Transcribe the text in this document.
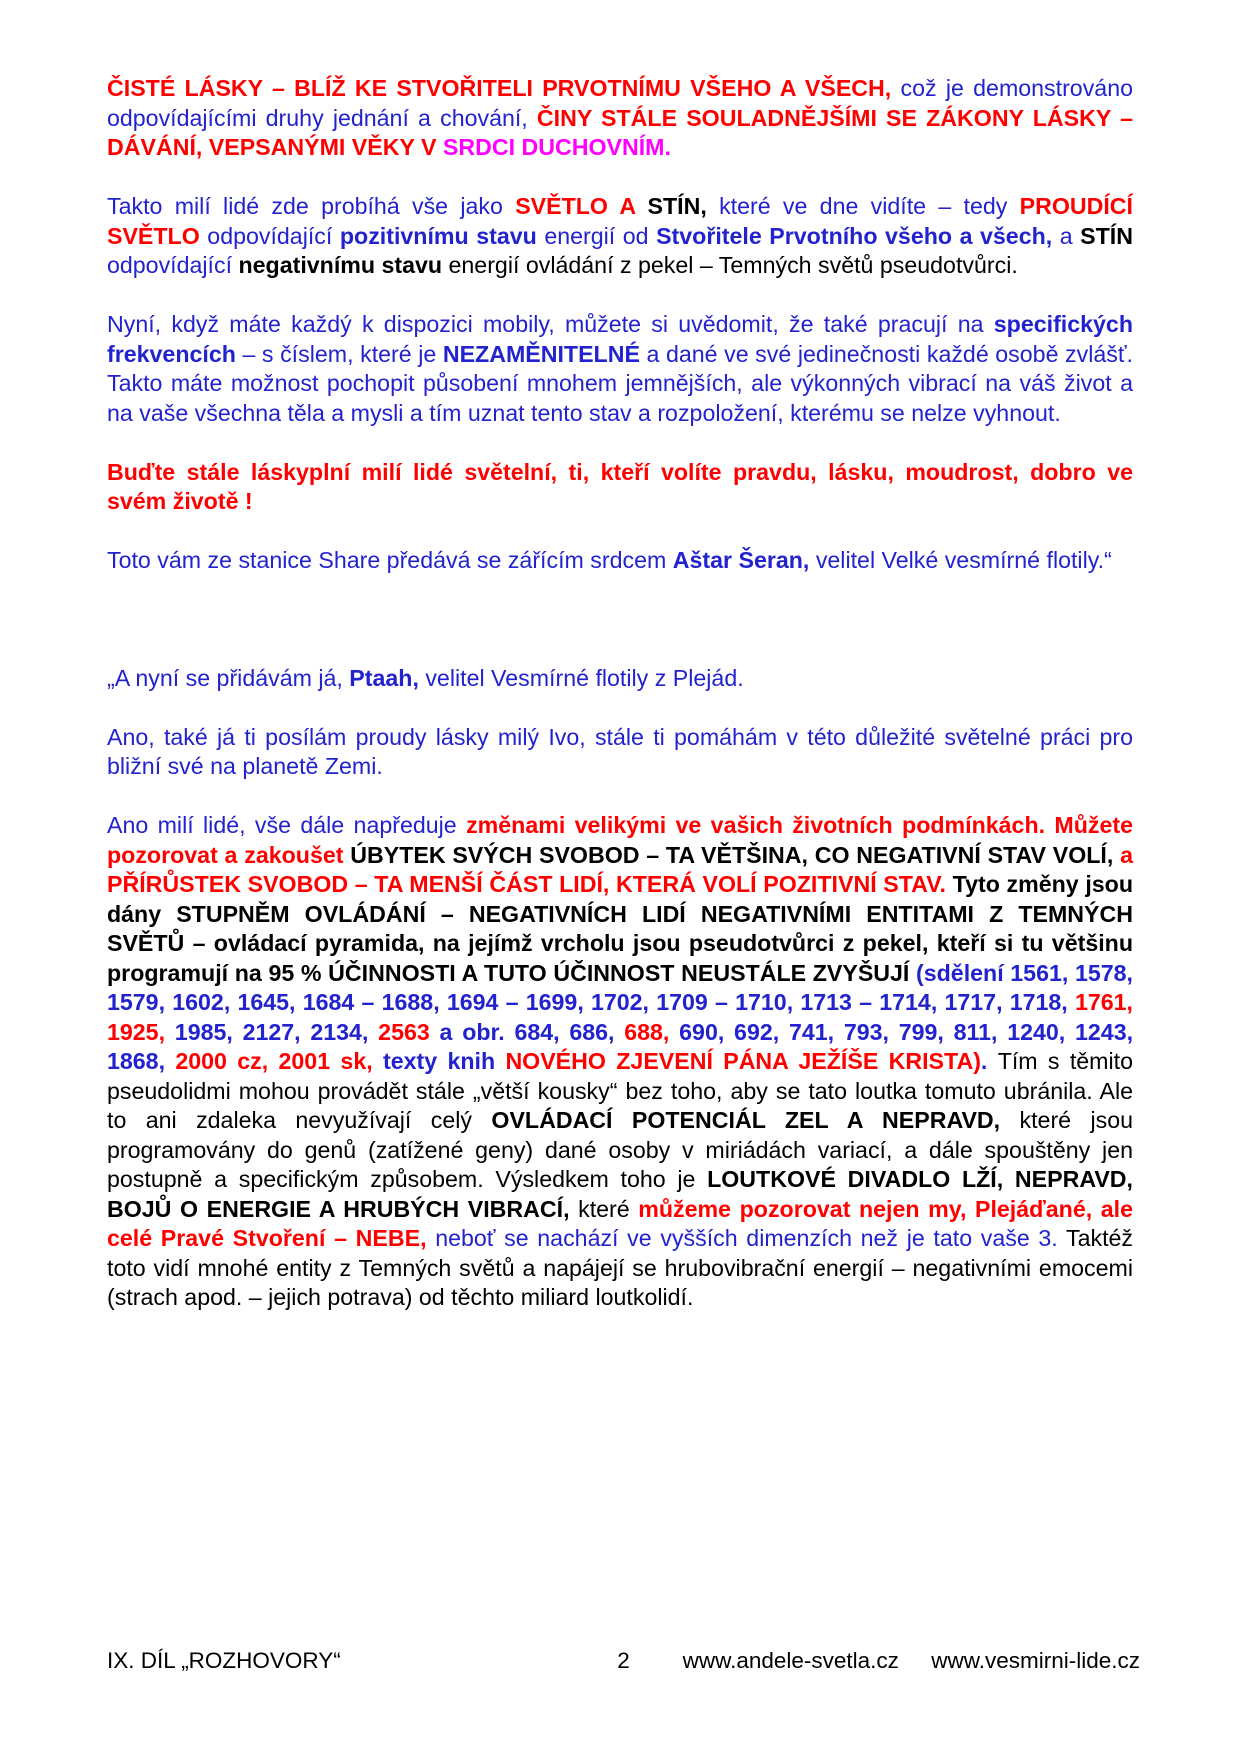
ČISTÉ LÁSKY – BLÍŽ KE STVOŘITELI PRVOTNÍMU VŠEHO A VŠECH, což je demonstrováno odpovídajícími druhy jednání a chování, ČINY STÁLE SOULADNĚJŠÍMI SE ZÁKONY LÁSKY – DÁVÁNÍ, VEPSANÝMI VĚKY V SRDCI DUCHOVNÍM.

Takto milí lidé zde probíhá vše jako SVĚTLO A STÍN, které ve dne vidíte – tedy PROUDÍCÍ SVĚTLO odpovídající pozitivnímu stavu energií od Stvořitele Prvotního všeho a všech, a STÍN odpovídající negativnímu stavu energií ovládání z pekel – Temných světů pseudotvůrci.

Nyní, když máte každý k dispozici mobily, můžete si uvědomit, že také pracují na specifických frekvencích – s číslem, které je NEZAMĚNITELNÉ a dané ve své jedinečnosti každé osobě zvlášť. Takto máte možnost pochopit působení mnohem jemnějších, ale výkonných vibrací na váš život a na vaše všechna těla a mysli a tím uznat tento stav a rozpoložení, kterému se nelze vyhnout.

Buďte stále láskyplní milí lidé světelní, ti, kteří volíte pravdu, lásku, moudrost, dobro ve svém životě !

Toto vám ze stanice Share předává se zářícím srdcem Aštar Šeran, velitel Velké vesmírné flotily.“

„A nyní se přidávám já, Ptaah, velitel Vesmírné flotily z Plejád.

Ano, také já ti posílám proudy lásky milý Ivo, stále ti pomáhám v této důležité světelné práci pro bližní své na planetě Zemi.

Ano milí lidé, vše dále napředuje změnami velikými ve vašich životních podmínkách. Můžete pozorovat a zakoušet ÚBYTEK SVÝCH SVOBOD – TA VĚTŠINA, CO NEGATIVNÍ STAV VOLÍ, a PŘÍRŮSTEK SVOBOD – TA MENŠÍ ČÁST LIDÍ, KTERÁ VOLÍ POZITIVNÍ STAV. Tyto změny jsou dány STUPNĚM OVLÁDÁNÍ – NEGATIVNÍCH LIDÍ NEGATIVNÍMI ENTITAMI Z TEMNÝCH SVĚTŮ – ovládací pyramida, na jejímž vrcholu jsou pseudotvůrci z pekel, kteří si tu většinu programují na 95 % ÚČINNOSTI A TUTO ÚČINNOST NEUSTÁLE ZVYŠUJÍ (sdělení 1561, 1578, 1579, 1602, 1645, 1684 – 1688, 1694 – 1699, 1702, 1709 – 1710, 1713 – 1714, 1717, 1718, 1761, 1925, 1985, 2127, 2134, 2563 a obr. 684, 686, 688, 690, 692, 741, 793, 799, 811, 1240, 1243, 1868, 2000 cz, 2001 sk, texty knih NOVÉHO ZJEVENÍ PÁNA JEŽÍŠE KRISTA). Tím s těmito pseudolidmi mohou provádět stále „větší kousky“ bez toho, aby se tato loutka tomuto ubránila. Ale to ani zdaleka nevyužívají celý OVLÁDACÍ POTENCIÁL ZEL A NEPRAVD, které jsou programovány do genů (zatížené geny) dané osoby v miriádách variací, a dále spouštěny jen postupně a specifickým způsobem. Výsledkem toho je LOUTKOVÉ DIVADLO LŽÍ, NEPRAVD, BOJŮ O ENERGIE A HRUBÝCH VIBRACÍ, které můžeme pozorovat nejen my, Plejáďané, ale celé Pravé Stvoření – NEBE, neboť se nachází ve vyšších dimenzích než je tato vaše 3. Taktéž toto vidí mnohé entity z Temných světů a napájejí se hrubovibrační energií – negativními emocemi (strach apod. – jejich potrava) od těchto miliard loutkolidí.

IX. DÍL „ROZHOVORY“	2	www.andele-svetla.cz www.vesmirni-lide.cz
